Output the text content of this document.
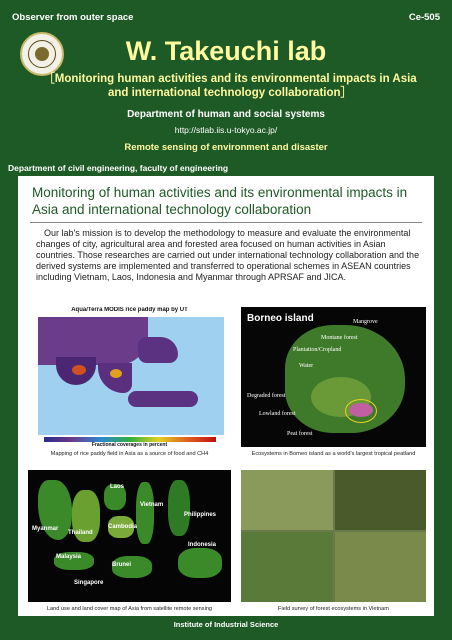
Observer from outer space	Ce-505
W. Takeuchi lab
［Monitoring human activities and its environmental impacts in Asia and international technology collaboration］
Department of human and social systems
http://stlab.iis.u-tokyo.ac.jp/
Remote sensing of environment and disaster
Department of civil engineering, faculty of engineering
Monitoring of human activities and its environmental impacts in Asia and international technology collaboration

Our lab's mission is to develop the methodology to measure and evaluate the environmental changes of city, agricultural area and forested area focused on human activities in Asian countries. Those researches are carried out under international technology collaboration and the derived systems are implemented and transferred to operational schemes in ASEAN countries including Vietnam, Laos, Indonesia and Myanmar through APRSAF and JICA.

Aqua/Terra MODIS rice paddy map by UT
Fractional coverages in percent
Mapping of rice paddy field in Asia as a source of food and CH4
Borneo island	Mangrove
Montane forest
Plantation/Cropland
Water
Degraded forest
Lowland forest
Peat forest
Ecosystems in Borneo island as a world's largest tropical peatland
Laos
Vietnam
Myanmar
Thailand
Cambodia
Philippines
Indonesia
Malaysia
Brunei
Singapore
Land use and land cover map of Asia from satellite remote sensing	Field survey of forest ecosystems in Vietnam
Institute of Industrial Science
